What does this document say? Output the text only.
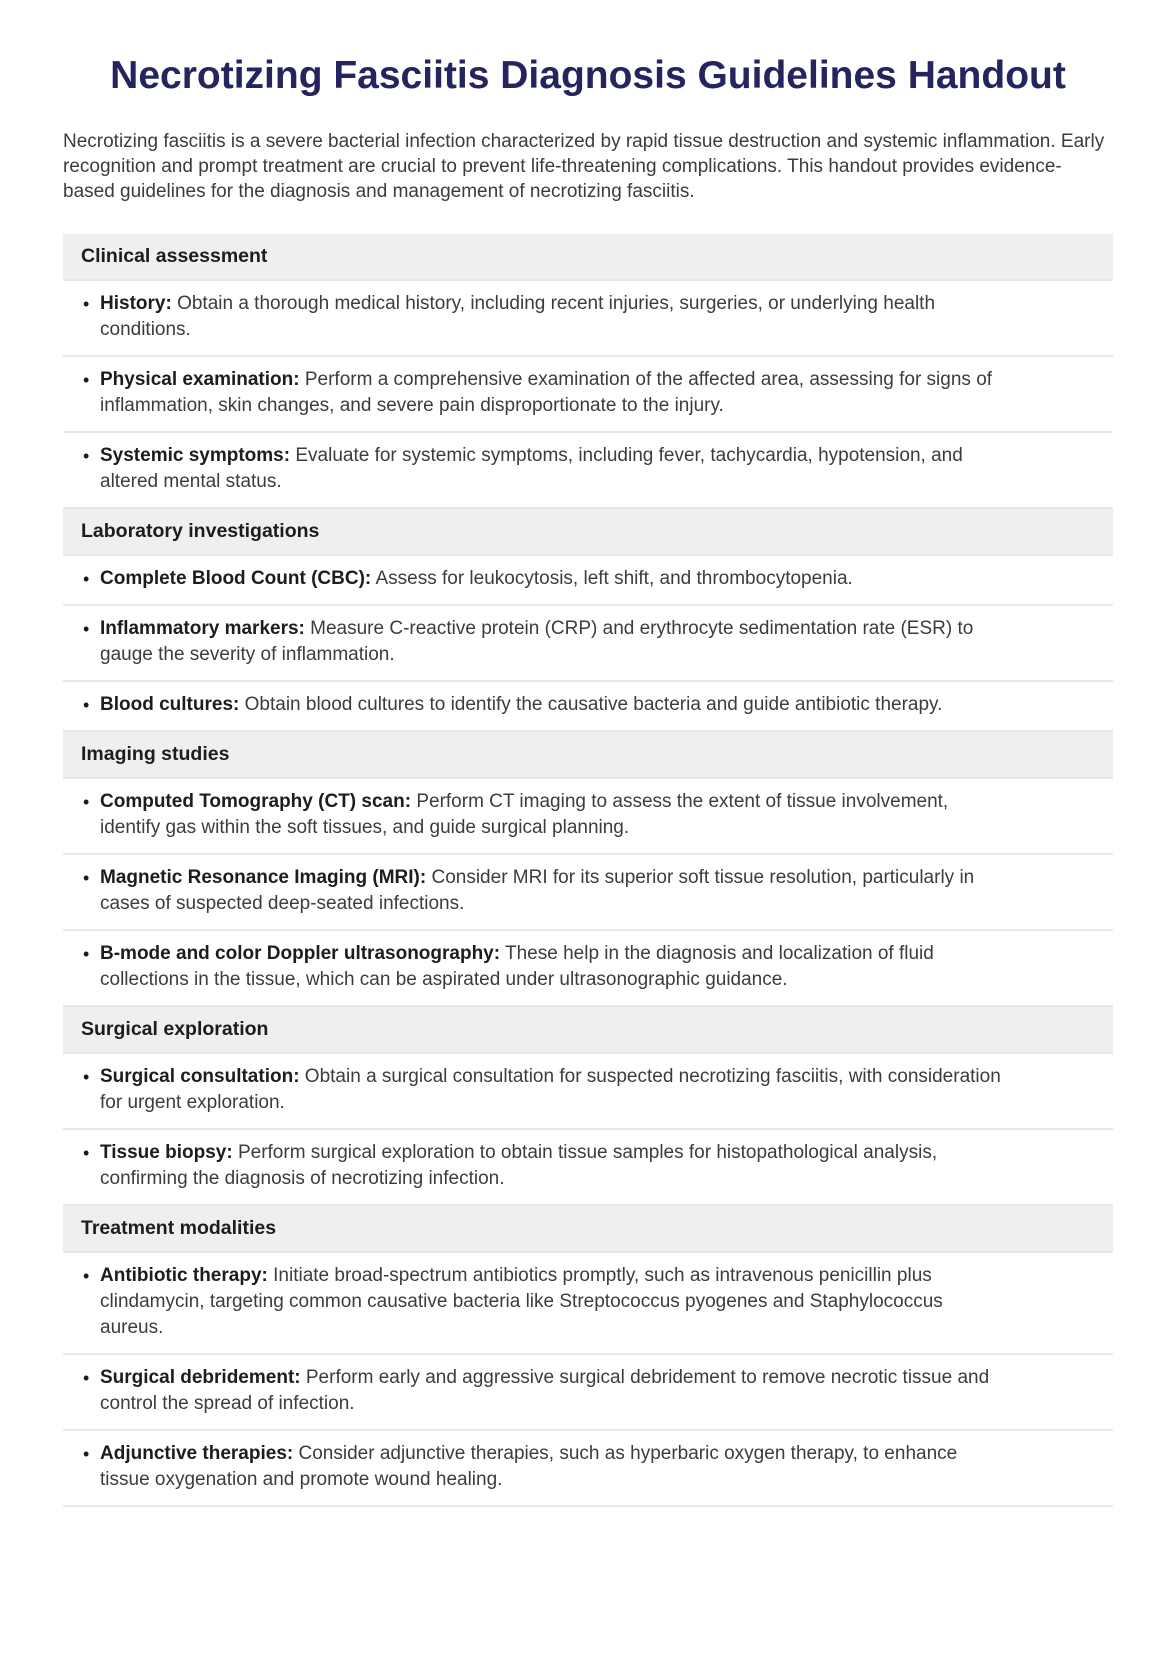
Necrotizing Fasciitis Diagnosis Guidelines Handout

Necrotizing fasciitis is a severe bacterial infection characterized by rapid tissue destruction and systemic inflammation. Early recognition and prompt treatment are crucial to prevent life-threatening complications. This handout provides evidence-based guidelines for the diagnosis and management of necrotizing fasciitis.

Clinical assessment
• History: Obtain a thorough medical history, including recent injuries, surgeries, or underlying health conditions.
• Physical examination: Perform a comprehensive examination of the affected area, assessing for signs of inflammation, skin changes, and severe pain disproportionate to the injury.
• Systemic symptoms: Evaluate for systemic symptoms, including fever, tachycardia, hypotension, and altered mental status.
Laboratory investigations
• Complete Blood Count (CBC): Assess for leukocytosis, left shift, and thrombocytopenia.
• Inflammatory markers: Measure C-reactive protein (CRP) and erythrocyte sedimentation rate (ESR) to gauge the severity of inflammation.
• Blood cultures: Obtain blood cultures to identify the causative bacteria and guide antibiotic therapy.
Imaging studies
• Computed Tomography (CT) scan: Perform CT imaging to assess the extent of tissue involvement, identify gas within the soft tissues, and guide surgical planning.
• Magnetic Resonance Imaging (MRI): Consider MRI for its superior soft tissue resolution, particularly in cases of suspected deep-seated infections.
• B-mode and color Doppler ultrasonography: These help in the diagnosis and localization of fluid collections in the tissue, which can be aspirated under ultrasonographic guidance.
Surgical exploration
• Surgical consultation: Obtain a surgical consultation for suspected necrotizing fasciitis, with consideration for urgent exploration.
• Tissue biopsy: Perform surgical exploration to obtain tissue samples for histopathological analysis, confirming the diagnosis of necrotizing infection.
Treatment modalities
• Antibiotic therapy: Initiate broad-spectrum antibiotics promptly, such as intravenous penicillin plus clindamycin, targeting common causative bacteria like Streptococcus pyogenes and Staphylococcus aureus.
• Surgical debridement: Perform early and aggressive surgical debridement to remove necrotic tissue and control the spread of infection.
• Adjunctive therapies: Consider adjunctive therapies, such as hyperbaric oxygen therapy, to enhance tissue oxygenation and promote wound healing.
